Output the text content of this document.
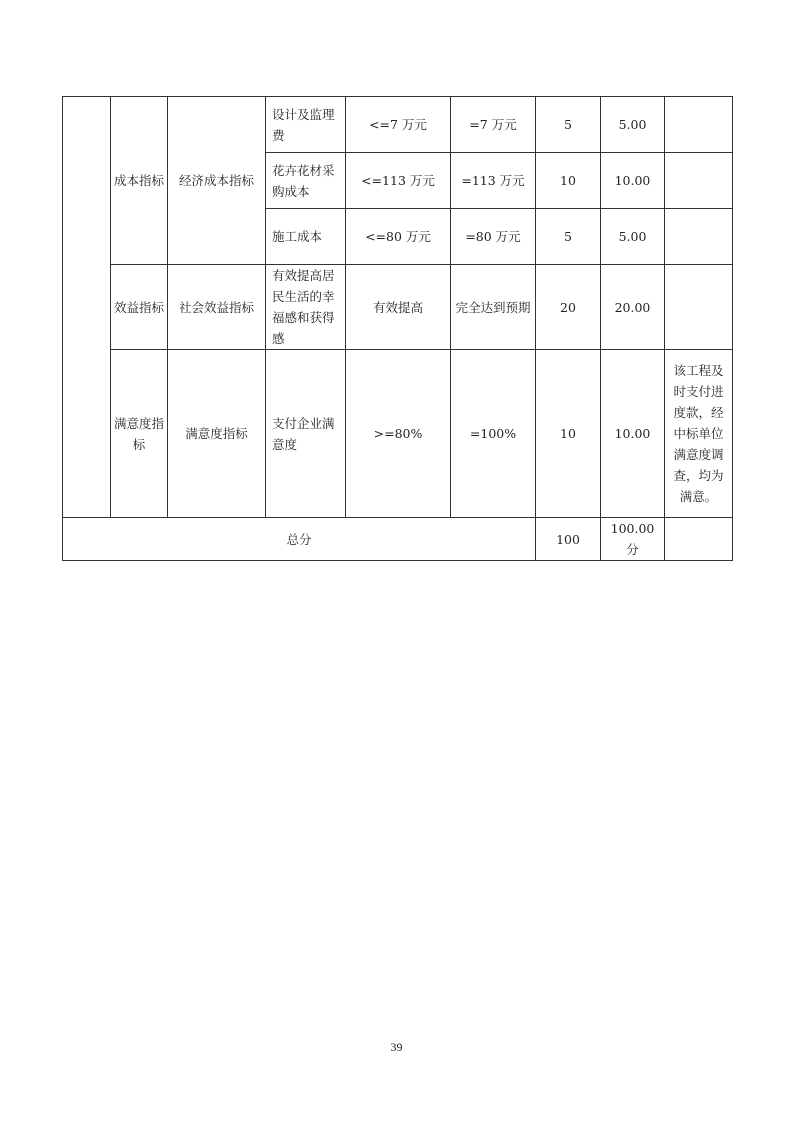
	成本指标	经济成本指标	设计及监理费	<=7 万元	=7 万元	5	5.00	
			花卉花材采购成本	<=113 万元	=113 万元	10	10.00	
			施工成本	<=80 万元	=80 万元	5	5.00	
	效益指标	社会效益指标	有效提高居民生活的幸福感和获得感	有效提高	完全达到预期	20	20.00	
	满意度指标	满意度指标	支付企业满意度	>=80%	=100%	10	10.00	该工程及时支付进度款，经中标单位满意度调查，均为满意。
总分						100	100.00 分	
39
